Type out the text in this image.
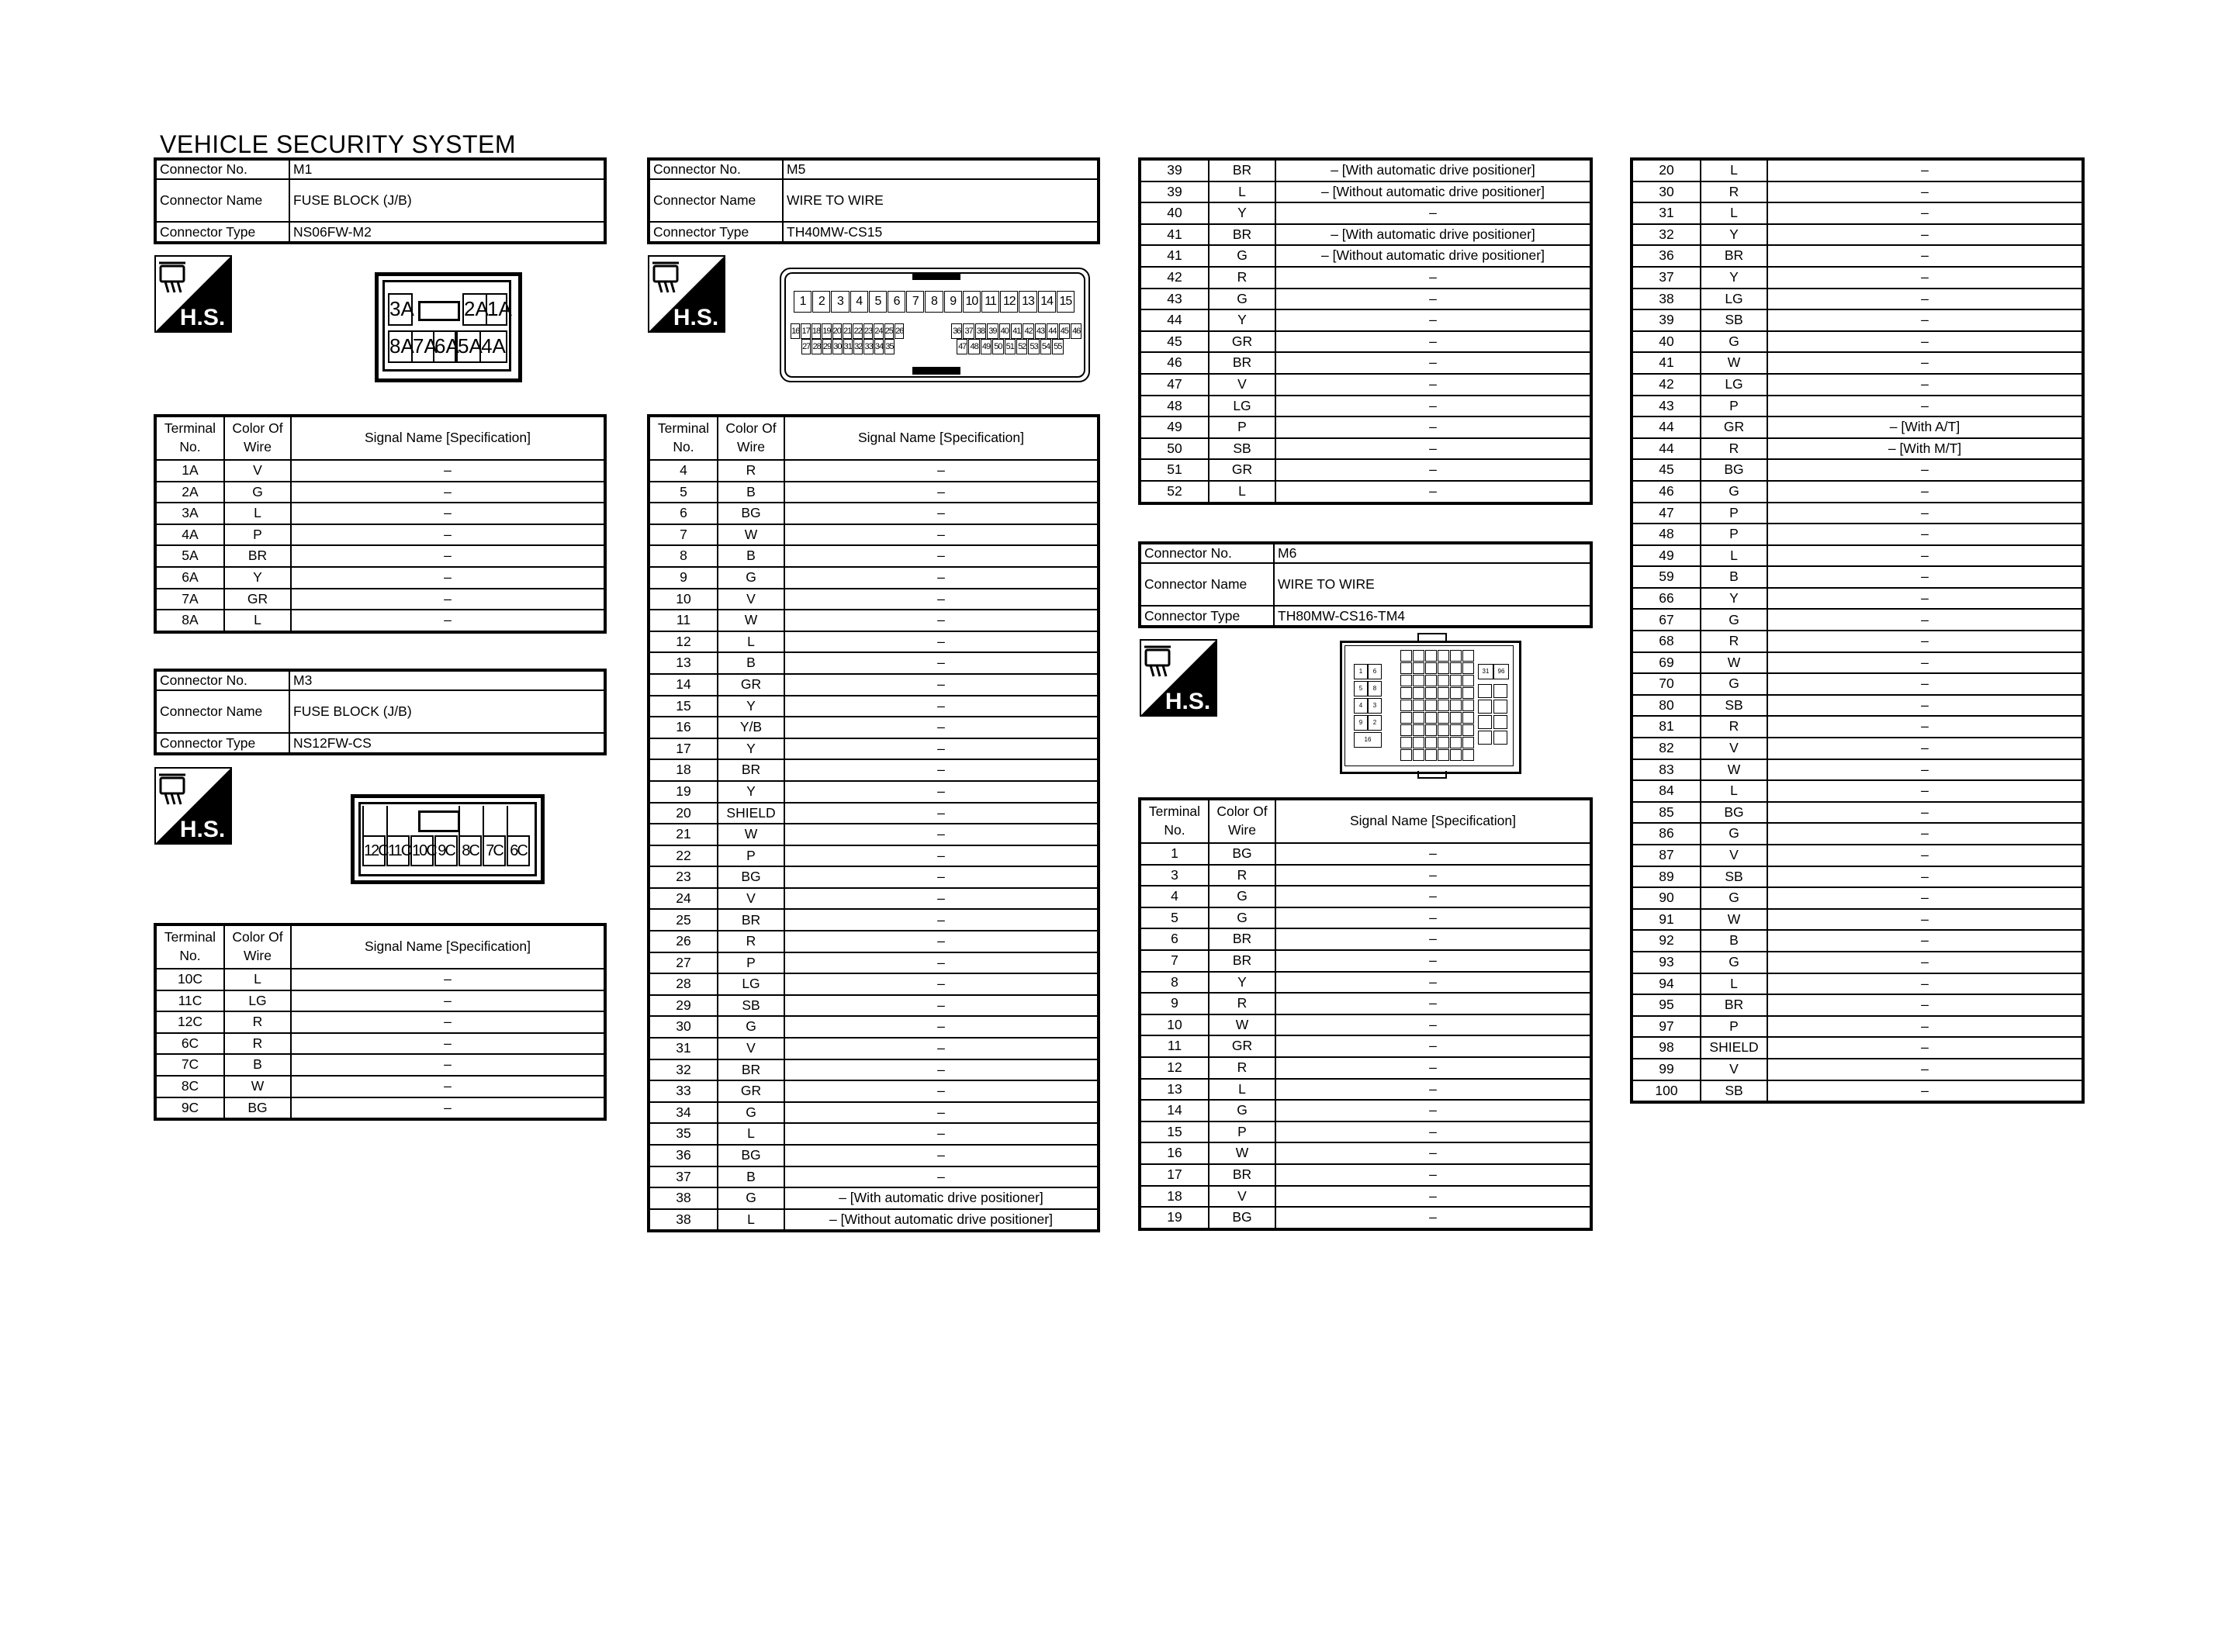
VEHICLE SECURITY SYSTEM
Connector No.	M1
Connector Name	FUSE BLOCK (J/B)
Connector Type	NS06FW-M2
H.S.	3A 2A
1A
8A
7A
6A
5A
4A
Terminal No.	Color Of Wire	Signal Name [Specification]
1A	V	–
2A	G	–
3A	L	–
4A	P	–
5A	BR	–
6A	Y	–
7A	GR	–
8A	L	–
Connector No.	M3
Connector Name	FUSE BLOCK (J/B)
Connector Type	NS12FW-CS
H.S.
12C 11C 10C 9C 8C 7C 6C
Terminal No.	Color Of Wire	Signal Name [Specification]
10C	L	–
11C	LG	–
12C	R	–
6C	R	–
7C	B	–
8C	W	–
9C	BG	–
Connector No.	M5
Connector Name	WIRE TO WIRE
Connector Type	TH40MW-CS15
H.S.
1	2	3	4	5	6	7	8	9 10 11 12 13 14 15
16 17 18 19 20 21 22 23 24 25 26	36 37 38 39 40 41 42 43 44 45 46
27 28 29 30 31 32 33 34 35	47 48 49 50 51 52 53 54 55
Terminal No.	Color Of Wire	Signal Name [Specification]
4	R	–
5	B	–
6	BG	–
7	W	–
8	B	–
9	G	–
10	V	–
11	W	–
12	L	–
13	B	–
14	GR	–
15	Y	–
16	Y/B	–
17	Y	–
18	BR	–
19	Y	–
20	SHIELD	–
21	W	–
22	P	–
23	BG	–
24	V	–
25	BR	–
26	R	–
27	P	–
28	LG	–
29	SB	–
30	G	–
31	V	–
32	BR	–
33	GR	–
34	G	–
35	L	–
36	BG	–
37	B	–
38	G	– [With automatic drive positioner]
38	L	– [Without automatic drive positioner]
39	BR	– [With automatic drive positioner]
39	L	– [Without automatic drive positioner]
40	Y	–
41	BR	– [With automatic drive positioner]
41	G	– [Without automatic drive positioner]
42	R	–
43	G	–
44	Y	–
45	GR	–
46	BR	–
47	V	–
48	LG	–
49	P	–
50	SB	–
51	GR	–
52	L	–
Connector No.	M6
Connector Name	WIRE TO WIRE
Connector Type	TH80MW-CS16-TM4
H.S.
1	6
5	8
4	3
9	2
16
31	96
Terminal No.	Color Of Wire	Signal Name [Specification]
1	BG	–
3	R	–
4	G	–
5	G	–
6	BR	–
7	BR	–
8	Y	–
9	R	–
10	W	–
11	GR	–
12	R	–
13	L	–
14	G	–
15	P	–
16	W	–
17	BR	–
18	V	–
19	BG	–
20	L	–
30	R	–
31	L	–
32	Y	–
36	BR	–
37	Y	–
38	LG	–
39	SB	–
40	G	–
41	W	–
42	LG	–
43	P	–
44	GR	– [With A/T]
44	R	– [With M/T]
45	BG	–
46	G	–
47	P	–
48	P	–
49	L	–
59	B	–
66	Y	–
67	G	–
68	R	–
69	W	–
70	G	–
80	SB	–
81	R	–
82	V	–
83	W	–
84	L	–
85	BG	–
86	G	–
87	V	–
89	SB	–
90	G	–
91	W	–
92	B	–
93	G	–
94	L	–
95	BR	–
97	P	–
98	SHIELD	–
99	V	–
100	SB	–
